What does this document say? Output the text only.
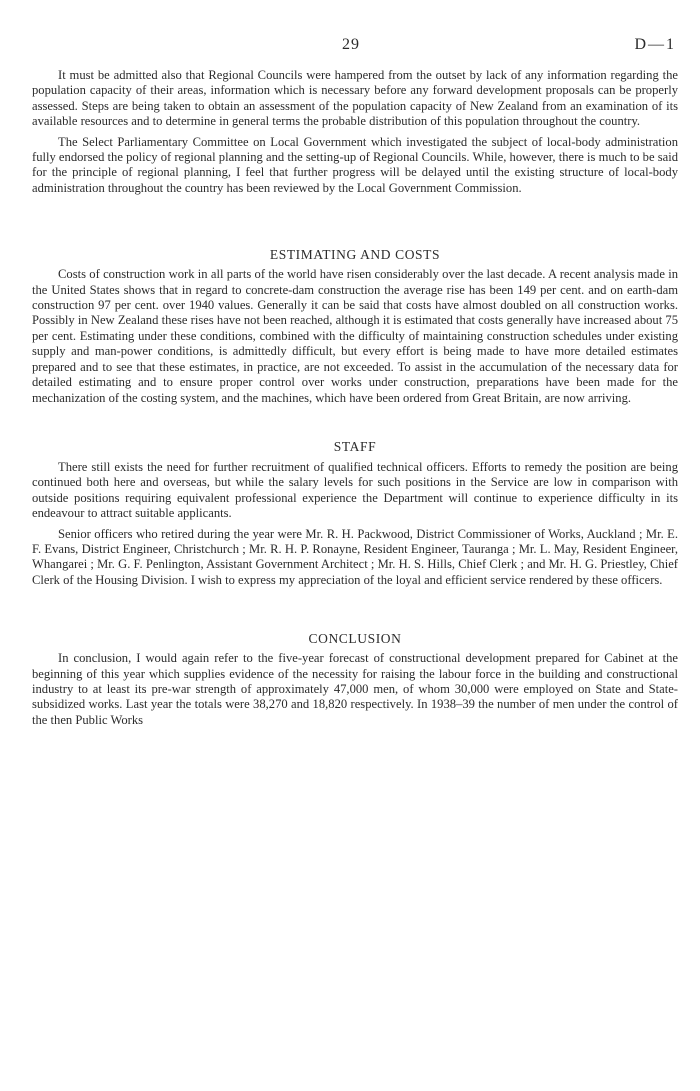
29	D—1

It must be admitted also that Regional Councils were hampered from the outset by lack of any information regarding the population capacity of their areas, information which is necessary before any forward development proposals can be properly assessed. Steps are being taken to obtain an assessment of the population capacity of New Zealand from an examination of its available resources and to determine in general terms the probable distribution of this population throughout the country.

The Select Parliamentary Committee on Local Government which investigated the subject of local-body administration fully endorsed the policy of regional planning and the setting-up of Regional Councils. While, however, there is much to be said for the principle of regional planning, I feel that further progress will be delayed until the existing structure of local-body administration throughout the country has been reviewed by the Local Government Commission.

ESTIMATING AND COSTS

Costs of construction work in all parts of the world have risen considerably over the last decade. A recent analysis made in the United States shows that in regard to concrete-dam construction the average rise has been 149 per cent. and on earth-dam construction 97 per cent. over 1940 values. Generally it can be said that costs have almost doubled on all construction works. Possibly in New Zealand these rises have not been reached, although it is estimated that costs generally have increased about 75 per cent. Estimating under these conditions, combined with the difficulty of maintaining construction schedules under existing supply and man-power conditions, is admittedly difficult, but every effort is being made to have more detailed estimates prepared and to see that these estimates, in practice, are not exceeded. To assist in the accumulation of the necessary data for detailed estimating and to ensure proper control over works under construction, preparations have been made for the mechanization of the costing system, and the machines, which have been ordered from Great Britain, are now arriving.

STAFF

There still exists the need for further recruitment of qualified technical officers. Efforts to remedy the position are being continued both here and overseas, but while the salary levels for such positions in the Service are low in comparison with outside positions requiring equivalent professional experience the Department will continue to experience difficulty in its endeavour to attract suitable applicants.

Senior officers who retired during the year were Mr. R. H. Packwood, District Commissioner of Works, Auckland ; Mr. E. F. Evans, District Engineer, Christchurch ; Mr. R. H. P. Ronayne, Resident Engineer, Tauranga ; Mr. L. May, Resident Engineer, Whangarei ; Mr. G. F. Penlington, Assistant Government Architect ; Mr. H. S. Hills, Chief Clerk ; and Mr. H. G. Priestley, Chief Clerk of the Housing Division. I wish to express my appreciation of the loyal and efficient service rendered by these officers.

CONCLUSION

In conclusion, I would again refer to the five-year forecast of constructional development prepared for Cabinet at the beginning of this year which supplies evidence of the necessity for raising the labour force in the building and constructional industry to at least its pre-war strength of approximately 47,000 men, of whom 30,000 were employed on State and State-subsidized works. Last year the totals were 38,270 and 18,820 respectively. In 1938–39 the number of men under the control of the then Public Works
